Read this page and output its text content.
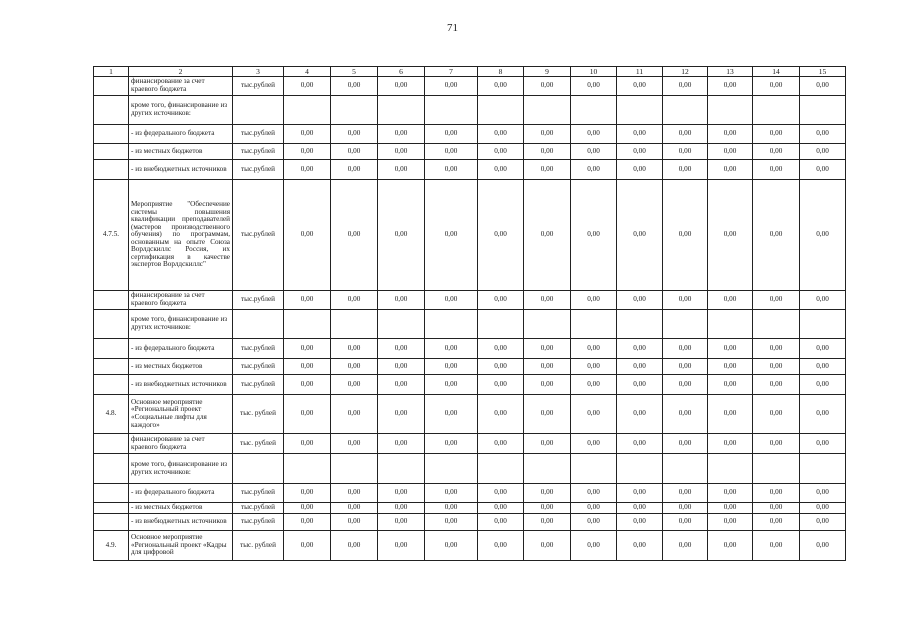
71
1	2	3	4	5	6	7	8	9	10	11	12	13	14	15
	финансирование за счет краевого бюджета	тыс.рублей	0,00	0,00	0,00	0,00	0,00	0,00	0,00	0,00	0,00	0,00	0,00	0,00
	кроме того, финансирование из других источников:													
	- из федерального бюджета	тыс.рублей	0,00	0,00	0,00	0,00	0,00	0,00	0,00	0,00	0,00	0,00	0,00	0,00
	- из местных бюджетов	тыс.рублей	0,00	0,00	0,00	0,00	0,00	0,00	0,00	0,00	0,00	0,00	0,00	0,00
	- из внебюджетных источников	тыс.рублей	0,00	0,00	0,00	0,00	0,00	0,00	0,00	0,00	0,00	0,00	0,00	0,00
4.7.5.	Мероприятие "Обеспечение системы повышения квалификации преподавателей (мастеров производственного обучения) по программам, основанным на опыте Союза Ворлдскиллс Россия, их сертификация в качестве экспертов Ворлдскиллс"	тыс.рублей	0,00	0,00	0,00	0,00	0,00	0,00	0,00	0,00	0,00	0,00	0,00	0,00
	финансирование за счет краевого бюджета	тыс.рублей	0,00	0,00	0,00	0,00	0,00	0,00	0,00	0,00	0,00	0,00	0,00	0,00
	кроме того, финансирование из других источников:													
	- из федерального бюджета	тыс.рублей	0,00	0,00	0,00	0,00	0,00	0,00	0,00	0,00	0,00	0,00	0,00	0,00
	- из местных бюджетов	тыс.рублей	0,00	0,00	0,00	0,00	0,00	0,00	0,00	0,00	0,00	0,00	0,00	0,00
	- из внебюджетных источников	тыс.рублей	0,00	0,00	0,00	0,00	0,00	0,00	0,00	0,00	0,00	0,00	0,00	0,00
4.8.	Основное мероприятие «Региональный проект «Социальные лифты для каждого»	тыс. рублей	0,00	0,00	0,00	0,00	0,00	0,00	0,00	0,00	0,00	0,00	0,00	0,00
	финансирование за счет краевого бюджета	тыс. рублей	0,00	0,00	0,00	0,00	0,00	0,00	0,00	0,00	0,00	0,00	0,00	0,00
	кроме того, финансирование из других источников:													
	- из федерального бюджета	тыс.рублей	0,00	0,00	0,00	0,00	0,00	0,00	0,00	0,00	0,00	0,00	0,00	0,00
	- из местных бюджетов	тыс.рублей	0,00	0,00	0,00	0,00	0,00	0,00	0,00	0,00	0,00	0,00	0,00	0,00
	- из внебюджетных источников	тыс.рублей	0,00	0,00	0,00	0,00	0,00	0,00	0,00	0,00	0,00	0,00	0,00	0,00
4.9.	Основное мероприятие «Региональный проект «Кадры для цифровой	тыс. рублей	0,00	0,00	0,00	0,00	0,00	0,00	0,00	0,00	0,00	0,00	0,00	0,00
